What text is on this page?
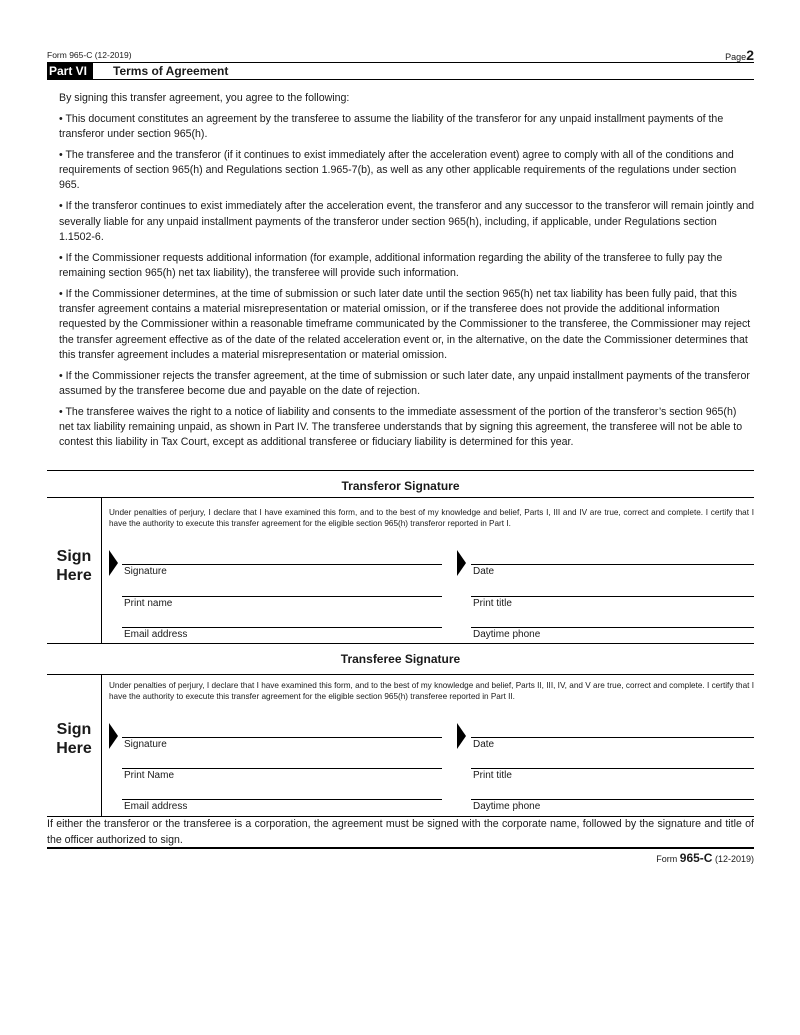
Form 965-C (12-2019)	Page2
Part VI	Terms of Agreement

By signing this transfer agreement, you agree to the following:

• This document constitutes an agreement by the transferee to assume the liability of the transferor for any unpaid installment payments of the transferor under section 965(h).

• The transferee and the transferor (if it continues to exist immediately after the acceleration event) agree to comply with all of the conditions and requirements of section 965(h) and Regulations section 1.965-7(b), as well as any other applicable requirements of the regulations under section 965.

• If the transferor continues to exist immediately after the acceleration event, the transferor and any successor to the transferor will remain jointly and severally liable for any unpaid installment payments of the transferor under section 965(h), including, if applicable, under Regulations section 1.1502-6.

• If the Commissioner requests additional information (for example, additional information regarding the ability of the transferee to fully pay the remaining section 965(h) net tax liability), the transferee will provide such information.

• If the Commissioner determines, at the time of submission or such later date until the section 965(h) net tax liability has been fully paid, that this transfer agreement contains a material misrepresentation or material omission, or if the transferee does not provide the additional information requested by the Commissioner within a reasonable timeframe communicated by the Commissioner to the transferee, the Commissioner may reject the transfer agreement effective as of the date of the related acceleration event or, in the alternative, on the date the Commissioner determines that this transfer agreement includes a material misrepresentation or material omission.

• If the Commissioner rejects the transfer agreement, at the time of submission or such later date, any unpaid installment payments of the transferor assumed by the transferee become due and payable on the date of rejection.

• The transferee waives the right to a notice of liability and consents to the immediate assessment of the portion of the transferor’s section 965(h) net tax liability remaining unpaid, as shown in Part IV. The transferee understands that by signing this agreement, the transferee will not be able to contest this liability in Tax Court, except as additional transferee or fiduciary liability is determined for this year.

Transferor Signature
Sign
Here
Under penalties of perjury, I declare that I have examined this form, and to the best of my knowledge and belief, Parts I, III and IV are true, correct and complete. I certify that I have the authority to execute this transfer agreement for the eligible section 965(h) transferor reported in Part I.
Signature	Date
Print name	Print title
Email address	Daytime phone
Transferee Signature
Sign
Here
Under penalties of perjury, I declare that I have examined this form, and to the best of my knowledge and belief, Parts II, III, IV, and V are true, correct and complete. I certify that I have the authority to execute this transfer agreement for the eligible section 965(h) transferee reported in Part II.
Signature	Date
Print Name	Print title
Email address	Daytime phone
If either the transferor or the transferee is a corporation, the agreement must be signed with the corporate name, followed by the signature and title of the officer authorized to sign.
Form 965-C (12-2019)
